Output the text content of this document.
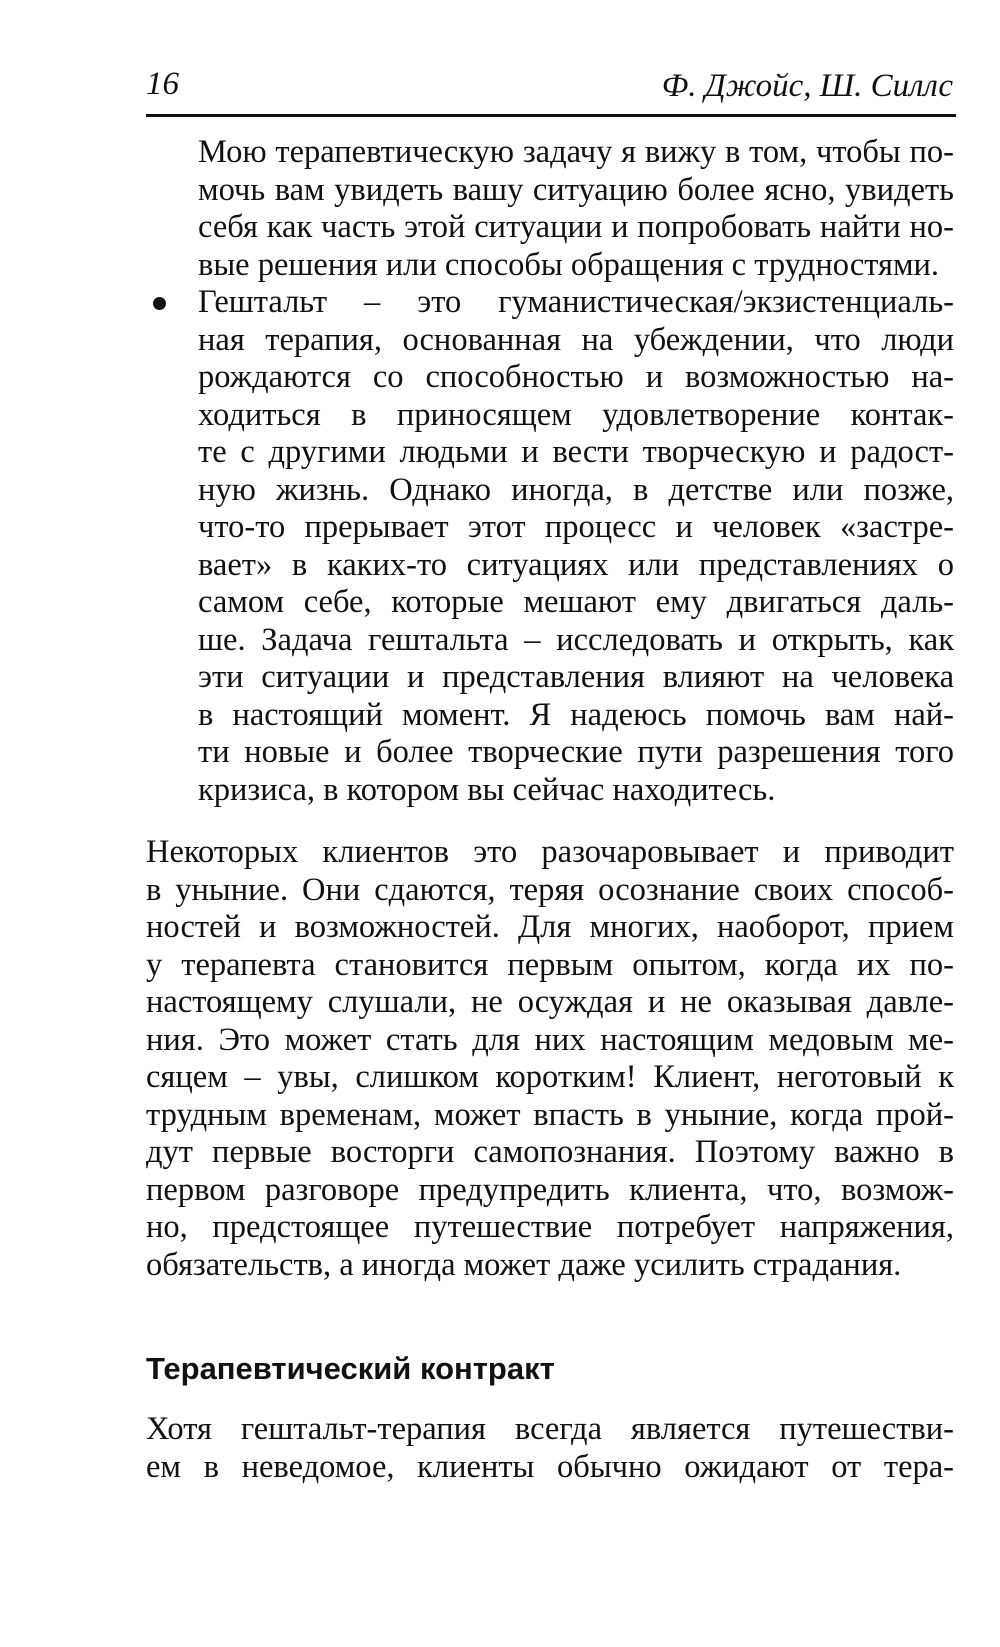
16	Ф. Джойс, Ш. Силлс
Мою терапевтическую задачу я вижу в том, чтобы по-
мочь вам увидеть вашу ситуацию более ясно, увидеть
себя как часть этой ситуации и попробовать найти но-
вые решения или способы обращения с трудностями.
Гештальт – это гуманистическая/экзистенциаль-
ная терапия, основанная на убеждении, что люди
рождаются со способностью и возможностью на-
ходиться в приносящем удовлетворение контак-
те с другими людьми и вести творческую и радост-
ную жизнь. Однако иногда, в детстве или позже,
что-то прерывает этот процесс и человек «застре-
вает» в каких-то ситуациях или представлениях о
самом себе, которые мешают ему двигаться даль-
ше. Задача гештальта – исследовать и открыть, как
эти ситуации и представления влияют на человека
в настоящий момент. Я надеюсь помочь вам най-
ти новые и более творческие пути разрешения того
кризиса, в котором вы сейчас находитесь.
Некоторых клиентов это разочаровывает и приводит
в уныние. Они сдаются, теряя осознание своих способ-
ностей и возможностей. Для многих, наоборот, прием
у терапевта становится первым опытом, когда их по-
настоящему слушали, не осуждая и не оказывая давле-
ния. Это может стать для них настоящим медовым ме-
сяцем – увы, слишком коротким! Клиент, неготовый к
трудным временам, может впасть в уныние, когда прой-
дут первые восторги самопознания. Поэтому важно в
первом разговоре предупредить клиента, что, возмож-
но, предстоящее путешествие потребует напряжения,
обязательств, а иногда может даже усилить страдания.
Терапевтический контракт
Хотя гештальт-терапия всегда является путешестви-
ем в неведомое, клиенты обычно ожидают от тера-
